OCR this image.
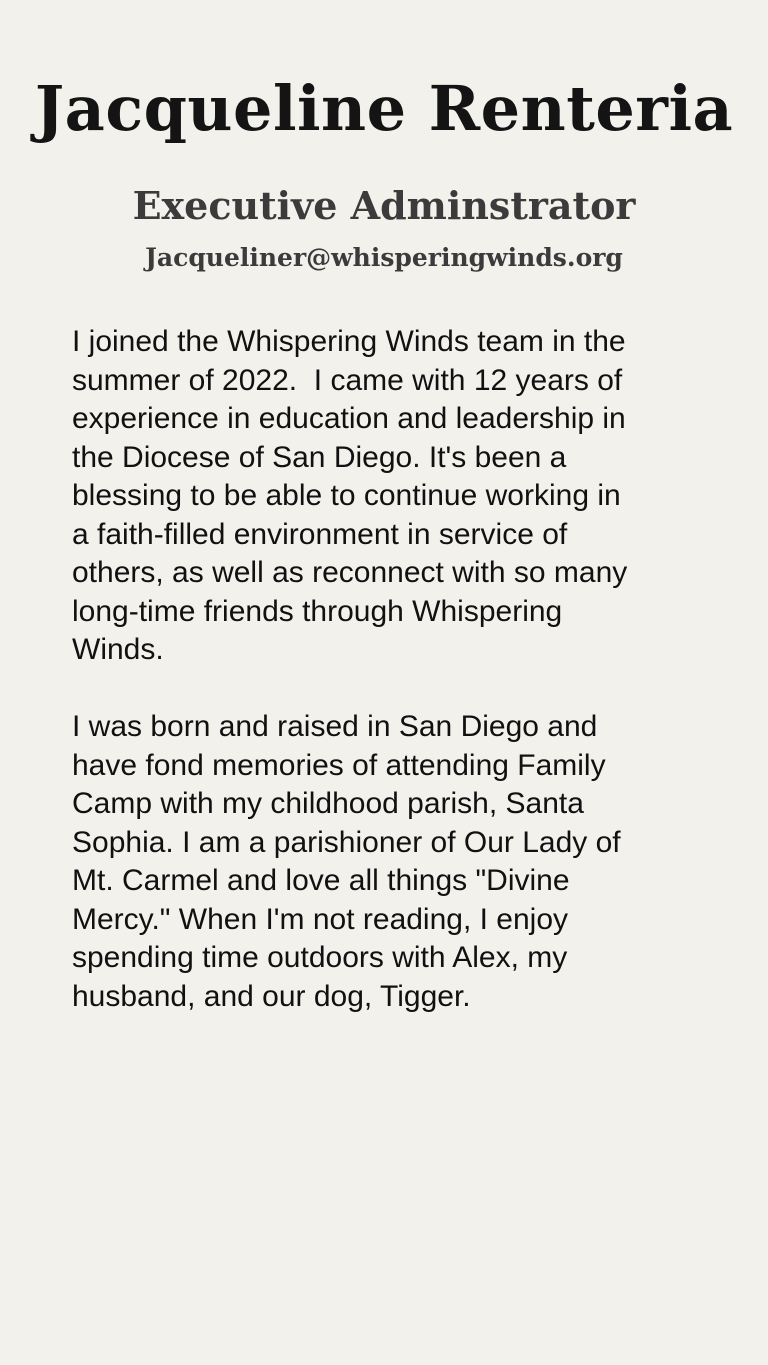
Jacqueline Renteria
Executive Adminstrator
Jacqueliner@whisperingwinds.org

I joined the Whispering Winds team in the
summer of 2022.  I came with 12 years of
experience in education and leadership in
the Diocese of San Diego. It's been a
blessing to be able to continue working in
a faith-filled environment in service of
others, as well as reconnect with so many
long-time friends through Whispering
Winds.

I was born and raised in San Diego and
have fond memories of attending Family
Camp with my childhood parish, Santa
Sophia. I am a parishioner of Our Lady of
Mt. Carmel and love all things "Divine
Mercy." When I'm not reading, I enjoy
spending time outdoors with Alex, my
husband, and our dog, Tigger.
